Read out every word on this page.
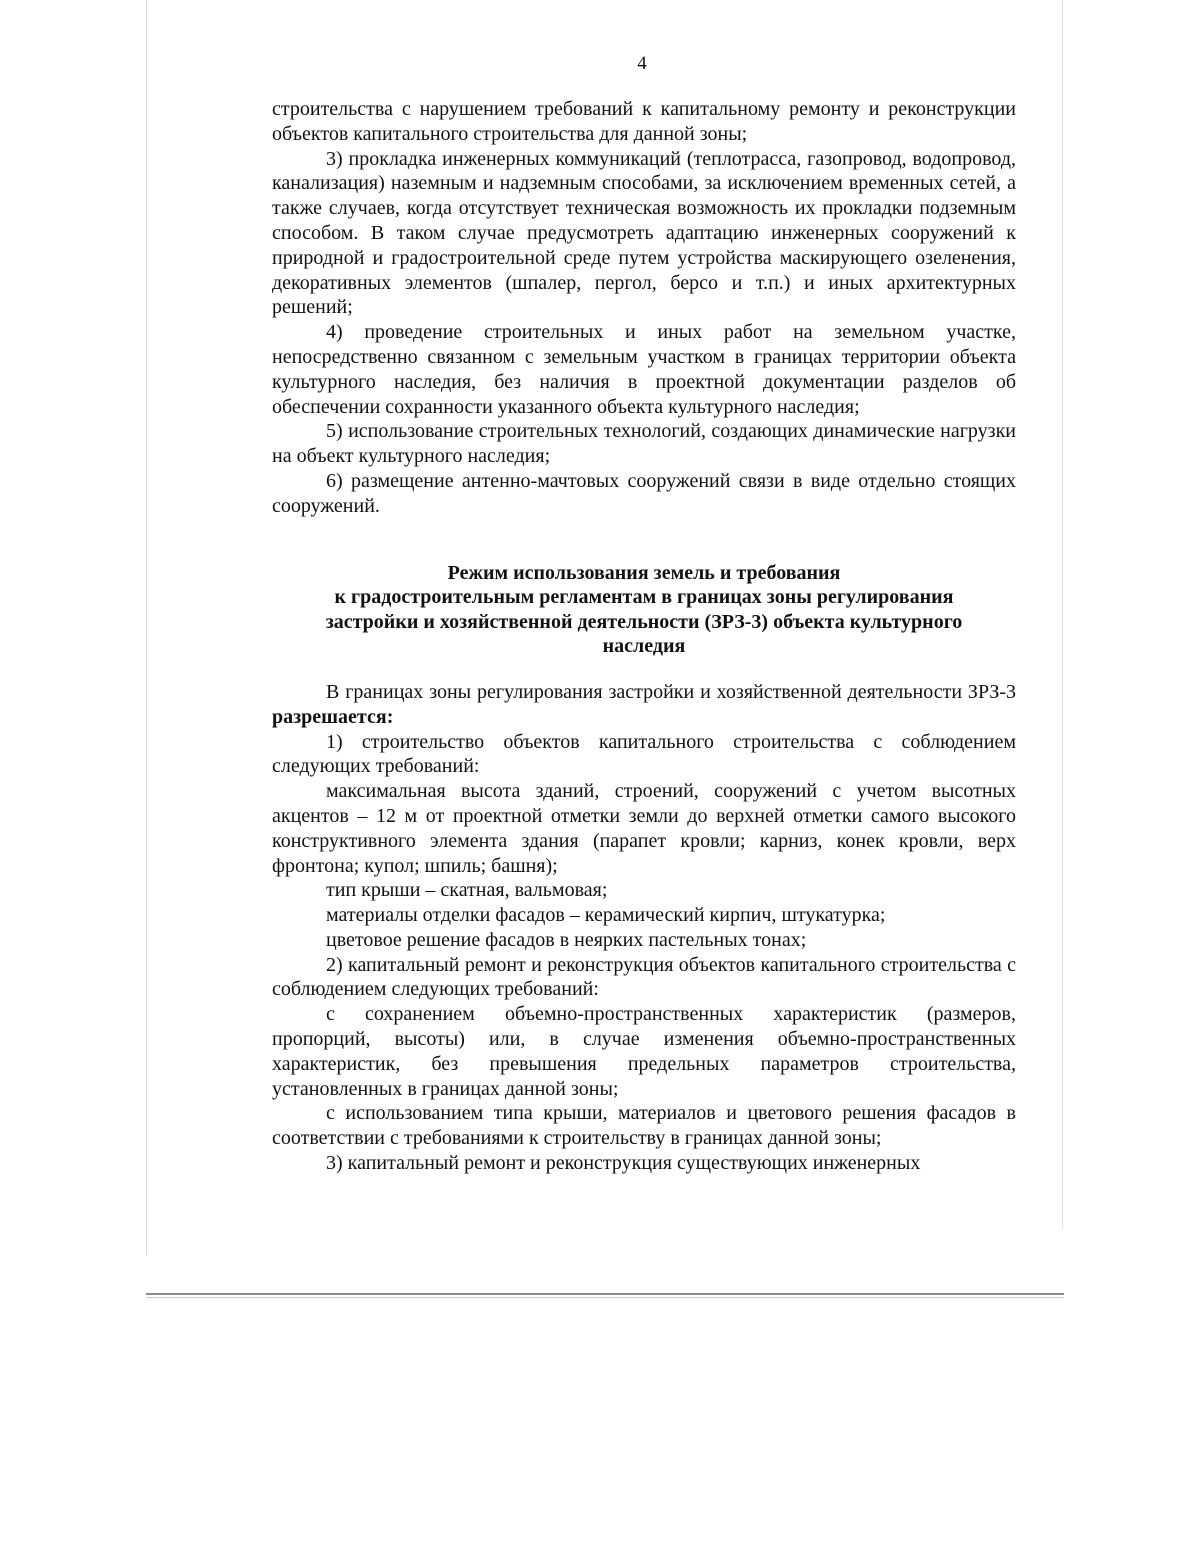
4

строительства с нарушением требований к капитальному ремонту и реконструкции объектов капитального строительства для данной зоны;

3) прокладка инженерных коммуникаций (теплотрасса, газопровод, водопровод, канализация) наземным и надземным способами, за исключением временных сетей, а также случаев, когда отсутствует техническая возможность их прокладки подземным способом. В таком случае предусмотреть адаптацию инженерных сооружений к природной и градостроительной среде путем устройства маскирующего озеленения, декоративных элементов (шпалер, пергол, берсо и т.п.) и иных архитектурных решений;

4) проведение строительных и иных работ на земельном участке, непосредственно связанном с земельным участком в границах территории объекта культурного наследия, без наличия в проектной документации разделов об обеспечении сохранности указанного объекта культурного наследия;

5) использование строительных технологий, создающих динамические нагрузки на объект культурного наследия;

6) размещение антенно-мачтовых сооружений связи в виде отдельно стоящих сооружений.

Режим использования земель и требования
к градостроительным регламентам в границах зоны регулирования
застройки и хозяйственной деятельности (ЗРЗ-3) объекта культурного
наследия

В границах зоны регулирования застройки и хозяйственной деятельности ЗРЗ-3 разрешается:

1) строительство объектов капитального строительства с соблюдением следующих требований:

максимальная высота зданий, строений, сооружений с учетом высотных акцентов – 12 м от проектной отметки земли до верхней отметки самого высокого конструктивного элемента здания (парапет кровли; карниз, конек кровли, верх фронтона; купол; шпиль; башня);

тип крыши – скатная, вальмовая;

материалы отделки фасадов – керамический кирпич, штукатурка;

цветовое решение фасадов в неярких пастельных тонах;

2) капитальный ремонт и реконструкция объектов капитального строительства с соблюдением следующих требований:

с сохранением объемно-пространственных характеристик (размеров, пропорций, высоты) или, в случае изменения объемно-пространственных характеристик, без превышения предельных параметров строительства, установленных в границах данной зоны;

с использованием типа крыши, материалов и цветового решения фасадов в соответствии с требованиями к строительству в границах данной зоны;

3) капитальный ремонт и реконструкция существующих инженерных
